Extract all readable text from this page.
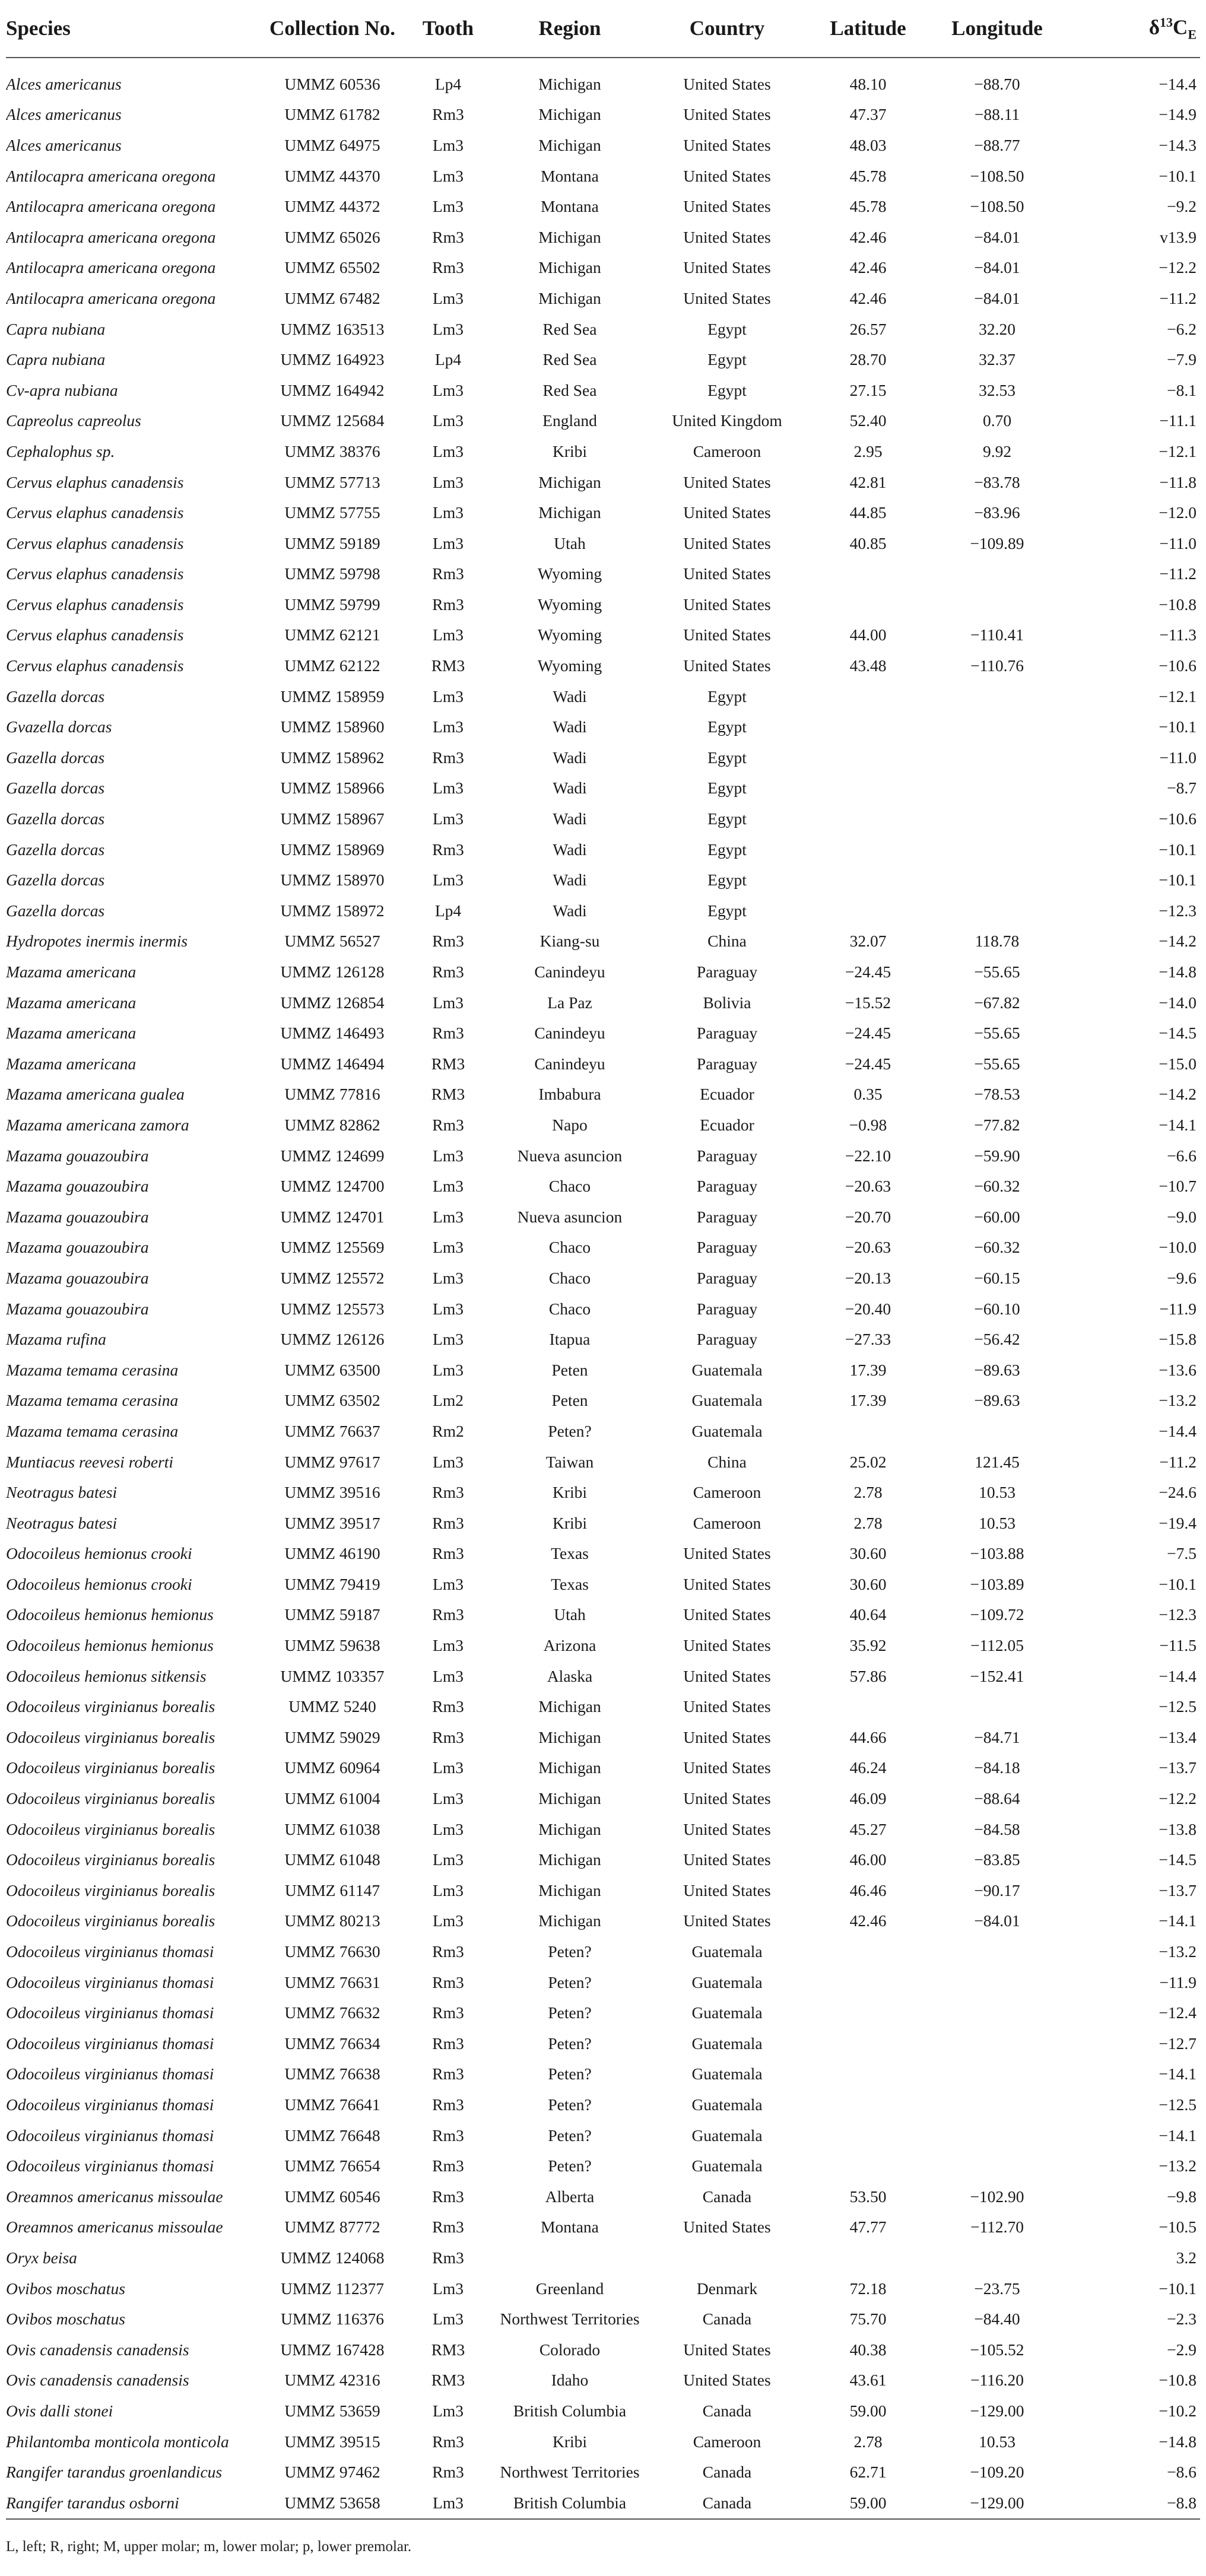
Species	Collection No.	Tooth	Region	Country	Latitude	Longitude	$\delta^{13}C_E$
Alces americanus	UMMZ 60536	Lp4	Michigan	United States	48.10	−88.70	−14.4
Alces americanus	UMMZ 61782	Rm3	Michigan	United States	47.37	−88.11	−14.9
Alces americanus	UMMZ 64975	Lm3	Michigan	United States	48.03	−88.77	−14.3
Antilocapra americana oregona	UMMZ 44370	Lm3	Montana	United States	45.78	−108.50	−10.1
Antilocapra americana oregona	UMMZ 44372	Lm3	Montana	United States	45.78	−108.50	−9.2
Antilocapra americana oregona	UMMZ 65026	Rm3	Michigan	United States	42.46	−84.01	v13.9
Antilocapra americana oregona	UMMZ 65502	Rm3	Michigan	United States	42.46	−84.01	−12.2
Antilocapra americana oregona	UMMZ 67482	Lm3	Michigan	United States	42.46	−84.01	−11.2
Capra nubiana	UMMZ 163513	Lm3	Red Sea	Egypt	26.57	32.20	−6.2
Capra nubiana	UMMZ 164923	Lp4	Red Sea	Egypt	28.70	32.37	−7.9
Cv-apra nubiana	UMMZ 164942	Lm3	Red Sea	Egypt	27.15	32.53	−8.1
Capreolus capreolus	UMMZ 125684	Lm3	England	United Kingdom	52.40	0.70	−11.1
Cephalophus sp.	UMMZ 38376	Lm3	Kribi	Cameroon	2.95	9.92	−12.1
Cervus elaphus canadensis	UMMZ 57713	Lm3	Michigan	United States	42.81	−83.78	−11.8
Cervus elaphus canadensis	UMMZ 57755	Lm3	Michigan	United States	44.85	−83.96	−12.0
Cervus elaphus canadensis	UMMZ 59189	Lm3	Utah	United States	40.85	−109.89	−11.0
Cervus elaphus canadensis	UMMZ 59798	Rm3	Wyoming	United States			−11.2
Cervus elaphus canadensis	UMMZ 59799	Rm3	Wyoming	United States			−10.8
Cervus elaphus canadensis	UMMZ 62121	Lm3	Wyoming	United States	44.00	−110.41	−11.3
Cervus elaphus canadensis	UMMZ 62122	RM3	Wyoming	United States	43.48	−110.76	−10.6
Gazella dorcas	UMMZ 158959	Lm3	Wadi	Egypt			−12.1
Gvazella dorcas	UMMZ 158960	Lm3	Wadi	Egypt			−10.1
Gazella dorcas	UMMZ 158962	Rm3	Wadi	Egypt			−11.0
Gazella dorcas	UMMZ 158966	Lm3	Wadi	Egypt			−8.7
Gazella dorcas	UMMZ 158967	Lm3	Wadi	Egypt			−10.6
Gazella dorcas	UMMZ 158969	Rm3	Wadi	Egypt			−10.1
Gazella dorcas	UMMZ 158970	Lm3	Wadi	Egypt			−10.1
Gazella dorcas	UMMZ 158972	Lp4	Wadi	Egypt			−12.3
Hydropotes inermis inermis	UMMZ 56527	Rm3	Kiang-su	China	32.07	118.78	−14.2
Mazama americana	UMMZ 126128	Rm3	Canindeyu	Paraguay	−24.45	−55.65	−14.8
Mazama americana	UMMZ 126854	Lm3	La Paz	Bolivia	−15.52	−67.82	−14.0
Mazama americana	UMMZ 146493	Rm3	Canindeyu	Paraguay	−24.45	−55.65	−14.5
Mazama americana	UMMZ 146494	RM3	Canindeyu	Paraguay	−24.45	−55.65	−15.0
Mazama americana gualea	UMMZ 77816	RM3	Imbabura	Ecuador	0.35	−78.53	−14.2
Mazama americana zamora	UMMZ 82862	Rm3	Napo	Ecuador	−0.98	−77.82	−14.1
Mazama gouazoubira	UMMZ 124699	Lm3	Nueva asuncion	Paraguay	−22.10	−59.90	−6.6
Mazama gouazoubira	UMMZ 124700	Lm3	Chaco	Paraguay	−20.63	−60.32	−10.7
Mazama gouazoubira	UMMZ 124701	Lm3	Nueva asuncion	Paraguay	−20.70	−60.00	−9.0
Mazama gouazoubira	UMMZ 125569	Lm3	Chaco	Paraguay	−20.63	−60.32	−10.0
Mazama gouazoubira	UMMZ 125572	Lm3	Chaco	Paraguay	−20.13	−60.15	−9.6
Mazama gouazoubira	UMMZ 125573	Lm3	Chaco	Paraguay	−20.40	−60.10	−11.9
Mazama rufina	UMMZ 126126	Lm3	Itapua	Paraguay	−27.33	−56.42	−15.8
Mazama temama cerasina	UMMZ 63500	Lm3	Peten	Guatemala	17.39	−89.63	−13.6
Mazama temama cerasina	UMMZ 63502	Lm2	Peten	Guatemala	17.39	−89.63	−13.2
Mazama temama cerasina	UMMZ 76637	Rm2	Peten?	Guatemala			−14.4
Muntiacus reevesi roberti	UMMZ 97617	Lm3	Taiwan	China	25.02	121.45	−11.2
Neotragus batesi	UMMZ 39516	Rm3	Kribi	Cameroon	2.78	10.53	−24.6
Neotragus batesi	UMMZ 39517	Rm3	Kribi	Cameroon	2.78	10.53	−19.4
Odocoileus hemionus crooki	UMMZ 46190	Rm3	Texas	United States	30.60	−103.88	−7.5
Odocoileus hemionus crooki	UMMZ 79419	Lm3	Texas	United States	30.60	−103.89	−10.1
Odocoileus hemionus hemionus	UMMZ 59187	Rm3	Utah	United States	40.64	−109.72	−12.3
Odocoileus hemionus hemionus	UMMZ 59638	Lm3	Arizona	United States	35.92	−112.05	−11.5
Odocoileus hemionus sitkensis	UMMZ 103357	Lm3	Alaska	United States	57.86	−152.41	−14.4
Odocoileus virginianus borealis	UMMZ 5240	Rm3	Michigan	United States			−12.5
Odocoileus virginianus borealis	UMMZ 59029	Rm3	Michigan	United States	44.66	−84.71	−13.4
Odocoileus virginianus borealis	UMMZ 60964	Lm3	Michigan	United States	46.24	−84.18	−13.7
Odocoileus virginianus borealis	UMMZ 61004	Lm3	Michigan	United States	46.09	−88.64	−12.2
Odocoileus virginianus borealis	UMMZ 61038	Lm3	Michigan	United States	45.27	−84.58	−13.8
Odocoileus virginianus borealis	UMMZ 61048	Lm3	Michigan	United States	46.00	−83.85	−14.5
Odocoileus virginianus borealis	UMMZ 61147	Lm3	Michigan	United States	46.46	−90.17	−13.7
Odocoileus virginianus borealis	UMMZ 80213	Lm3	Michigan	United States	42.46	−84.01	−14.1
Odocoileus virginianus thomasi	UMMZ 76630	Rm3	Peten?	Guatemala			−13.2
Odocoileus virginianus thomasi	UMMZ 76631	Rm3	Peten?	Guatemala			−11.9
Odocoileus virginianus thomasi	UMMZ 76632	Rm3	Peten?	Guatemala			−12.4
Odocoileus virginianus thomasi	UMMZ 76634	Rm3	Peten?	Guatemala			−12.7
Odocoileus virginianus thomasi	UMMZ 76638	Rm3	Peten?	Guatemala			−14.1
Odocoileus virginianus thomasi	UMMZ 76641	Rm3	Peten?	Guatemala			−12.5
Odocoileus virginianus thomasi	UMMZ 76648	Rm3	Peten?	Guatemala			−14.1
Odocoileus virginianus thomasi	UMMZ 76654	Rm3	Peten?	Guatemala			−13.2
Oreamnos americanus missoulae	UMMZ 60546	Rm3	Alberta	Canada	53.50	−102.90	−9.8
Oreamnos americanus missoulae	UMMZ 87772	Rm3	Montana	United States	47.77	−112.70	−10.5
Oryx beisa	UMMZ 124068	Rm3					3.2
Ovibos moschatus	UMMZ 112377	Lm3	Greenland	Denmark	72.18	−23.75	−10.1
Ovibos moschatus	UMMZ 116376	Lm3	Northwest Territories	Canada	75.70	−84.40	−2.3
Ovis canadensis canadensis	UMMZ 167428	RM3	Colorado	United States	40.38	−105.52	−2.9
Ovis canadensis canadensis	UMMZ 42316	RM3	Idaho	United States	43.61	−116.20	−10.8
Ovis dalli stonei	UMMZ 53659	Lm3	British Columbia	Canada	59.00	−129.00	−10.2
Philantomba monticola monticola	UMMZ 39515	Rm3	Kribi	Cameroon	2.78	10.53	−14.8
Rangifer tarandus groenlandicus	UMMZ 97462	Rm3	Northwest Territories	Canada	62.71	−109.20	−8.6
Rangifer tarandus osborni	UMMZ 53658	Lm3	British Columbia	Canada	59.00	−129.00	−8.8
L, left; R, right; M, upper molar; m, lower molar; p, lower premolar.
